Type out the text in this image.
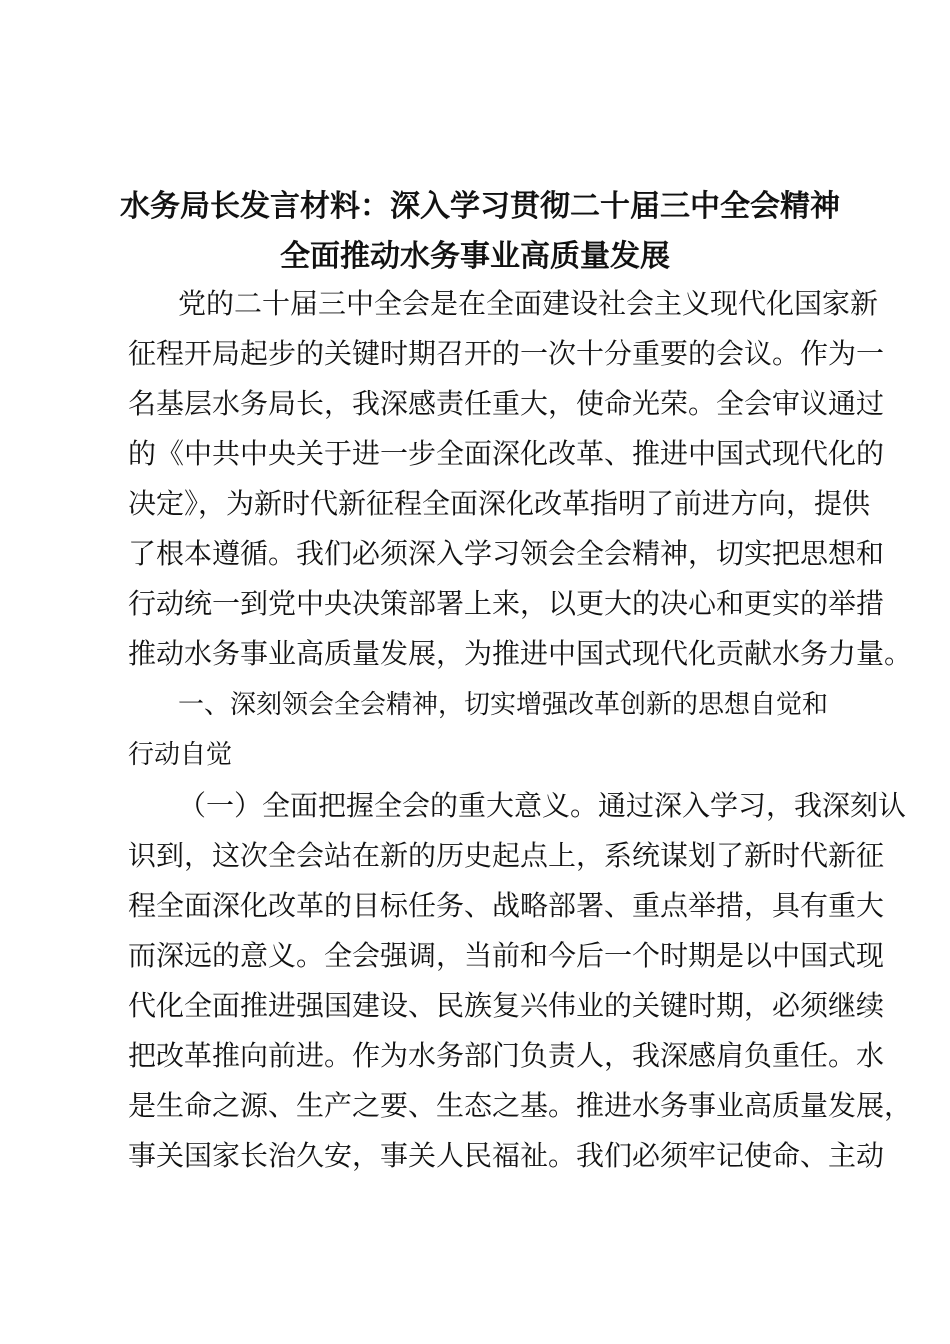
水务局长发言材料：深入学习贯彻二十届三中全会精神
全面推动水务事业高质量发展
党的二十届三中全会是在全面建设社会主义现代化国家新
征程开局起步的关键时期召开的一次十分重要的会议。作为一
名基层水务局长，我深感责任重大，使命光荣。全会审议通过
的《中共中央关于进一步全面深化改革、推进中国式现代化的
决定》，为新时代新征程全面深化改革指明了前进方向，提供
了根本遵循。我们必须深入学习领会全会精神，切实把思想和
行动统一到党中央决策部署上来，以更大的决心和更实的举措
推动水务事业高质量发展，为推进中国式现代化贡献水务力量。
一、深刻领会全会精神，切实增强改革创新的思想自觉和
行动自觉
（一）全面把握全会的重大意义。通过深入学习，我深刻认
识到，这次全会站在新的历史起点上，系统谋划了新时代新征
程全面深化改革的目标任务、战略部署、重点举措，具有重大
而深远的意义。全会强调，当前和今后一个时期是以中国式现
代化全面推进强国建设、民族复兴伟业的关键时期，必须继续
把改革推向前进。作为水务部门负责人，我深感肩负重任。水
是生命之源、生产之要、生态之基。推进水务事业高质量发展，
事关国家长治久安，事关人民福祉。我们必须牢记使命、主动
